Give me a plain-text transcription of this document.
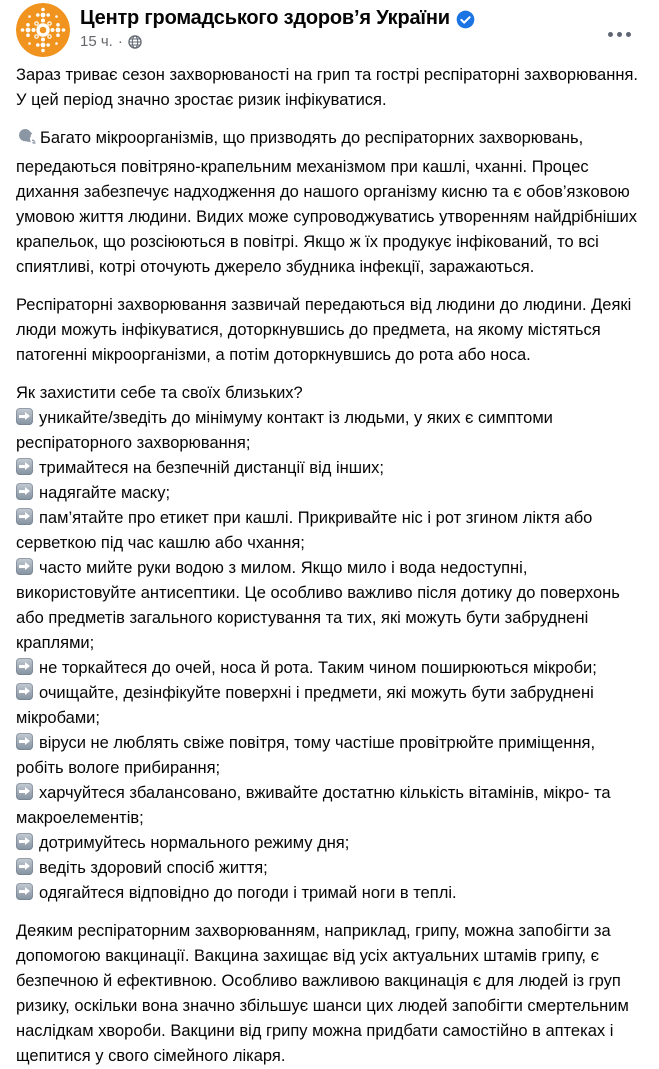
Центр громадського здоров’я України
15 ч. ·

Зараз триває сезон захворюваності на грип та гострі респіраторні захворювання. У цей період значно зростає ризик інфікуватися.

Багато мікроорганізмів, що призводять до респіраторних захворювань, передаються повітряно-крапельним механізмом при кашлі, чханні. Процес дихання забезпечує надходження до нашого організму кисню та є обов’язковою умовою життя людини. Видих може супроводжуватись утворенням найдрібніших крапельок, що розсіюються в повітрі. Якщо ж їх продукує інфікований, то всі спиятливі, котрі оточують джерело збудника інфекції, заражаються.

Респіраторні захворювання зазвичай передаються від людини до людини. Деякі люди можуть інфікуватися, доторкнувшись до предмета, на якому містяться патогенні мікроорганізми, а потім доторкнувшись до рота або носа.

Як захистити себе та своїх близьких?
уникайте/зведіть до мінімуму контакт із людьми, у яких є симптоми респіраторного захворювання;
тримайтеся на безпечній дистанції від інших;
надягайте маску;
пам’ятайте про етикет при кашлі. Прикривайте ніс і рот згином ліктя або серветкою під час кашлю або чхання;
часто мийте руки водою з милом. Якщо мило і вода недоступні, використовуйте антисептики. Це особливо важливо після дотику до поверхонь або предметів загального користування та тих, які можуть бути забруднені краплями;
не торкайтеся до очей, носа й рота. Таким чином поширюються мікроби;
очищайте, дезінфікуйте поверхні і предмети, які можуть бути забруднені мікробами;
віруси не люблять свіже повітря, тому частіше провітрюйте приміщення, робіть вологе прибирання;
харчуйтеся збалансовано, вживайте достатню кількість вітамінів, мікро- та макроелементів;
дотримуйтесь нормального режиму дня;
ведіть здоровий спосіб життя;
одягайтеся відповідно до погоди і тримай ноги в теплі.

Деяким респіраторним захворюванням, наприклад, грипу, можна запобігти за допомогою вакцинації. Вакцина захищає від усіх актуальних штамів грипу, є безпечною й ефективною. Особливо важливою вакцинація є для людей із груп ризику, оскільки вона значно збільшує шанси цих людей запобігти смертельним наслідкам хвороби. Вакцини від грипу можна придбати самостійно в аптеках і щепитися у свого сімейного лікаря.
